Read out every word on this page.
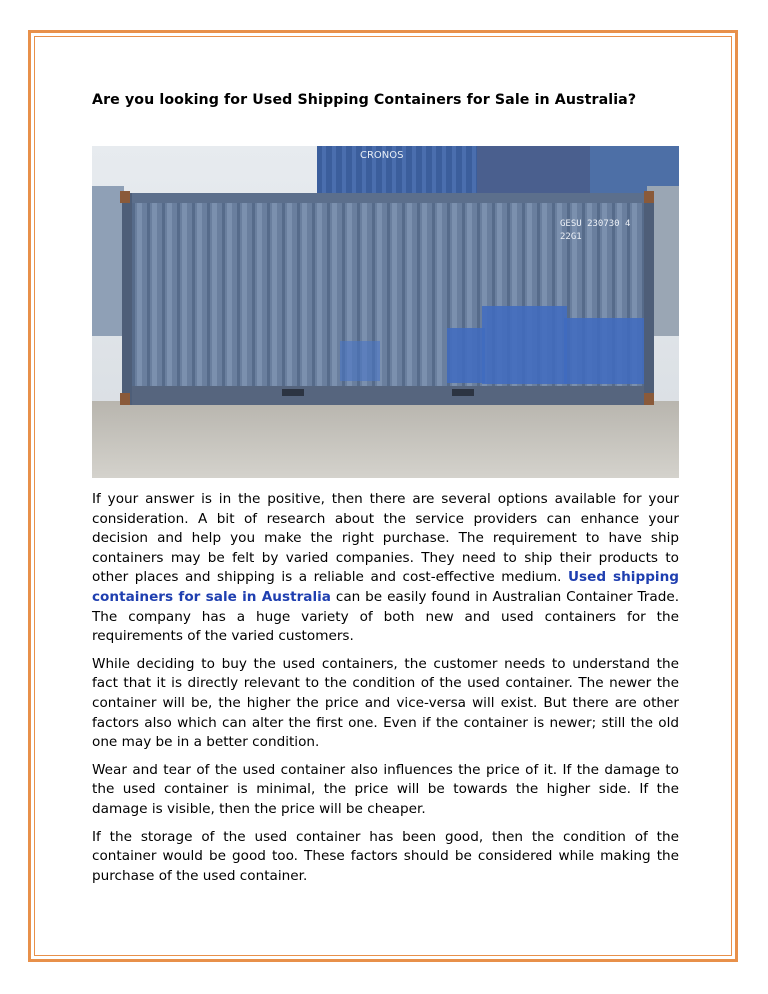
Are you looking for Used Shipping Containers for Sale in Australia?
CRONOS
GESU 230730 4
22G1

If your answer is in the positive, then there are several options available for your consideration. A bit of research about the service providers can enhance your decision and help you make the right purchase. The requirement to have ship containers may be felt by varied companies. They need to ship their products to other places and shipping is a reliable and cost-effective medium. Used shipping containers for sale in Australia can be easily found in Australian Container Trade. The company has a huge variety of both new and used containers for the requirements of the varied customers.

While deciding to buy the used containers, the customer needs to understand the fact that it is directly relevant to the condition of the used container. The newer the container will be, the higher the price and vice-versa will exist. But there are other factors also which can alter the first one. Even if the container is newer; still the old one may be in a better condition.

Wear and tear of the used container also influences the price of it. If the damage to the used container is minimal, the price will be towards the higher side. If the damage is visible, then the price will be cheaper.

If the storage of the used container has been good, then the condition of the container would be good too. These factors should be considered while making the purchase of the used container.
